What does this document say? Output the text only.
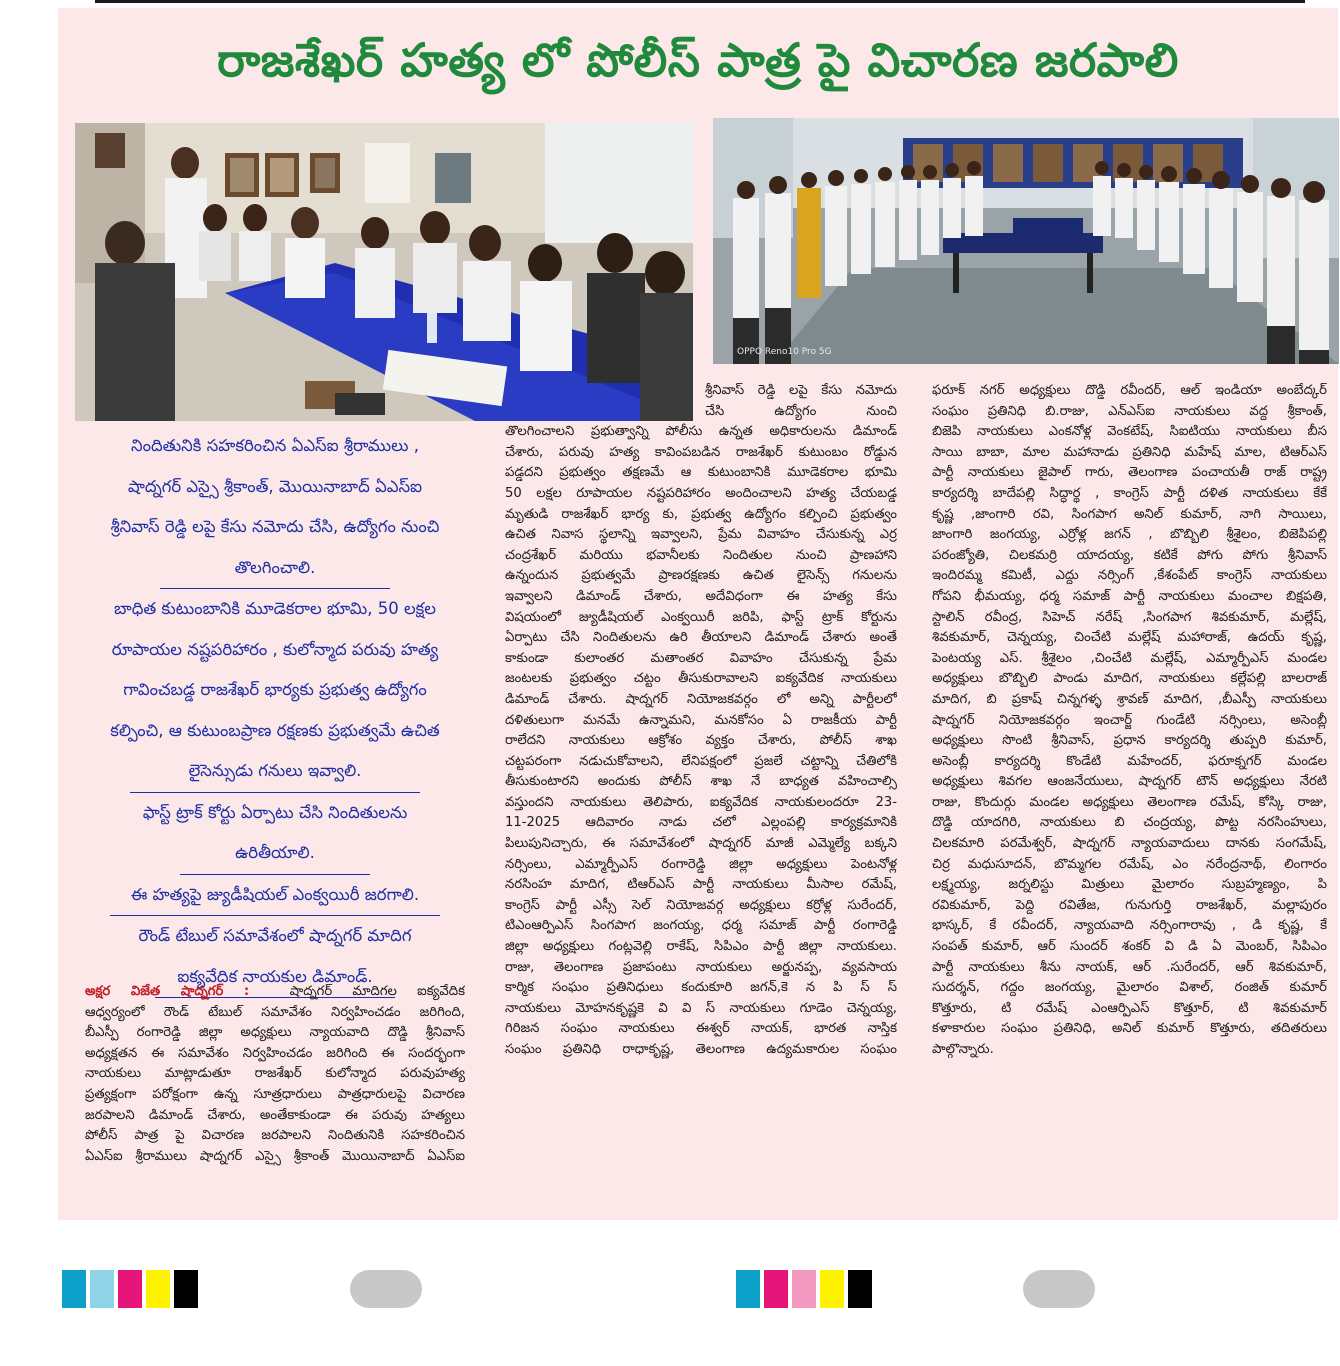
రాజశేఖర్ హత్య లో పోలీస్ పాత్ర పై విచారణ జరపాలి
OPPO Reno10 Pro 5G
నిందితునికి సహకరించిన ఏఎస్ఐ శ్రీరాములు ,
షాద్నగర్ ఎస్సై శ్రీకాంత్, మొయినాబాద్ ఏఎస్ఐ
శ్రీనివాస్ రెడ్డి లపై కేసు నమోదు చేసి, ఉద్యోగం నుంచి
తొలగించాలి.
బాధిత కుటుంబానికి మూడెకరాల భూమి, 50 లక్షల
రూపాయల నష్టపరిహారం , కులోన్మాద పరువు హత్య
గావించబడ్డ రాజశేఖర్ భార్యకు ప్రభుత్వ ఉద్యోగం
కల్పించి, ఆ కుటుంబప్రాణ రక్షణకు ప్రభుత్వమే ఉచిత
లైసెన్సుడు గనులు ఇవ్వాలి.
ఫాస్ట్ ట్రాక్ కోర్టు ఏర్పాటు చేసి నిందితులను
ఉరితీయాలి.
ఈ హత్యపై జ్యుడీషియల్ ఎంక్వయిరీ జరగాలి.
రౌండ్ టేబుల్ సమావేశంలో షాద్నగర్ మాదిగ
ఐక్యవేదిక నాయకుల డిమాండ్.

అక్షర విజేత షాద్నగర్ :	షాద్నగర్ మాదిగల ఐక్యవేదిక

ఆధ్వర్యంలో రౌండ్ టేబుల్ సమావేశం నిర్వహించడం జరిగింది,

బీఎస్పీ రంగారెడ్డి జిల్లా అధ్యక్షులు న్యాయవాది దొడ్డి శ్రీనివాస్

అధ్యక్షతన ఈ సమావేశం నిర్వహించడం జరిగింది ఈ సందర్భంగా

నాయకులు మాట్లాడుతూ రాజశేఖర్ కులోన్మాద పరువుహత్య

ప్రత్యక్షంగా పరోక్షంగా ఉన్న సూత్రధారులు పాత్రధారులపై విచారణ

జరపాలని డిమాండ్ చేశారు, అంతేకాకుండా ఈ పరువు హత్యలు

పోలీస్ పాత్ర పై విచారణ జరపాలని నిందితునికి సహకరించిన

ఏఎస్ఐ శ్రీరాములు షాద్నగర్ ఎస్సై శ్రీకాంత్ మొయినాబాద్ ఏఎస్ఐ

శ్రీనివాస్ రెడ్డి లపై కేసు నమోదు

చేసి ఉద్యోగం నుంచి

తొలగించాలని ప్రభుత్వాన్ని పోలీసు ఉన్నత అధికారులను డిమాండ్

చేశారు, పరువు హత్య కావింపబడిన రాజశేఖర్ కుటుంబం రోడ్డున

పడ్డదని ప్రభుత్వం తక్షణమే ఆ కుటుంబానికి మూడెకరాల భూమి

50 లక్షల రూపాయల నష్టపరిహారం అందించాలని హత్య చేయబడ్డ

మృతుడి రాజశేఖర్ భార్య కు, ప్రభుత్వ ఉద్యోగం కల్పించి ప్రభుత్వం

ఉచిత నివాస స్థలాన్ని ఇవ్వాలని, ప్రేమ వివాహం చేసుకున్న ఎర్ర

చంద్రశేఖర్ మరియు భవానీలకు నిందితుల నుంచి ప్రాణహాని

ఉన్నందున ప్రభుత్వమే ప్రాణరక్షణకు ఉచిత లైసెన్స్ గనులను

ఇవ్వాలని డిమాండ్ చేశారు, అదేవిధంగా ఈ హత్య కేసు

విషయంలో జ్యుడీషియల్ ఎంక్వయిరీ జరిపి, ఫాస్ట్ ట్రాక్ కోర్టును

ఏర్పాటు చేసి నిందితులను ఉరి తీయాలని డిమాండ్ చేశారు అంతే

కాకుండా కులాంతర మతాంతర వివాహం చేసుకున్న ప్రేమ

జంటలకు ప్రభుత్వం చట్టం తీసుకురావాలని ఐక్యవేదిక నాయకులు

డిమాండ్ చేశారు. షాద్నగర్ నియోజకవర్గం లో అన్ని పార్టీలలో

దళితులుగా మనమే ఉన్నామని, మనకోసం ఏ రాజకీయ పార్టీ

రాలేదని నాయకులు ఆక్రోశం వ్యక్తం చేశారు, పోలీస్ శాఖ

చట్టపరంగా నడుచుకోవాలని, లేనిపక్షంలో ప్రజలే చట్టాన్ని చేతిలోకి

తీసుకుంటారని అందుకు పోలీస్ శాఖ నే బాధ్యత వహించాల్సి

వస్తుందని నాయకులు తెలిపారు, ఐక్యవేదిక నాయకులందరూ 23-

11-2025 ఆదివారం నాడు చలో ఎల్లంపల్లి కార్యక్రమానికి

పిలుపునిచ్చారు, ఈ సమావేశంలో షాద్నగర్ మాజీ ఎమ్మెల్యే బక్కని

నర్సింలు, ఎమ్మార్పీఎస్ రంగారెడ్డి జిల్లా అధ్యక్షులు పెంటనోళ్ల

నరసింహ మాదిగ, టిఆర్ఎస్ పార్టీ నాయకులు మీసాల రమేష్,

కాంగ్రెస్ పార్టీ ఎస్సీ సెల్ నియోజవర్గ అధ్యక్షులు కర్రోళ్ల సురేందర్,

టిఎంఆర్పిఎస్ సింగపాగ జంగయ్య, ధర్మ సమాజ్ పార్టీ రంగారెడ్డి

జిల్లా అధ్యక్షులు గంట్లవెల్లి రాకేష్, సిపిఎం పార్టీ జిల్లా నాయకులు.

రాజు, తెలంగాణ ప్రజాపంటు నాయకులు అర్జునప్ప, వ్యవసాయ

కార్మిక సంఘం ప్రతినిధులు కందుకూరి జగన్,కె న పి స్ స్

నాయకులు మోహనకృష్ణకె వి వి స్ నాయకులు గూడెం చెన్నయ్య,

గిరిజన సంఘం నాయకులు ఈశ్వర్ నాయక్, భారత నాస్తిక

సంఘం ప్రతినిధి రాధాకృష్ణ, తెలంగాణ ఉద్యమకారుల సంఘం

ఫరూక్ నగర్ అధ్యక్షులు దొడ్డి రవీందర్, ఆల్ ఇండియా అంబేద్కర్

సంఘం ప్రతినిధి బి.రాజు, ఎన్ఎస్ఐ నాయకులు వద్ద శ్రీకాంత్,

బిజెపి నాయకులు ఎంకనోళ్ల వెంకటేష్, సిఐటియు నాయకులు బీస

సాయి బాబా, మాల మహానాడు ప్రతినిధి మహేష్ మాల, టిఆర్ఎస్

పార్టీ నాయకులు జైపాల్ గారు, తెలంగాణ పంచాయతీ రాజ్ రాష్ట్ర

కార్యదర్శి బాదేపల్లి సిద్ధార్థ , కాంగ్రెస్ పార్టీ దళిత నాయకులు కేకే

కృష్ణ ,జాంగారి రవి, సింగపాగ అనిల్ కుమార్, నాగి సాయిలు,

జాంగారి జంగయ్య, ఎర్రోళ్ల జగన్ , బొబ్బిలి శ్రీశైలం, బిజెపిపల్లి

పరంజ్యోతి, చిలకమర్రి యాదయ్య, కటికే పోగు పోగు శ్రీనివాస్

ఇందిరమ్మ కమిటీ, ఎద్దు నర్సింగ్ ,కేశంపేట్ కాంగ్రెస్ నాయకులు

గోపని భీమయ్య, ధర్మ సమాజ్ పార్టీ నాయకులు మంచాల బిక్షపతి,

స్టాలిన్ రవీంద్ర, సిహెచ్ నరేష్ ,సింగపాగ శివకుమార్, మల్లేష్,

శివకుమార్, చెన్నయ్య, చించేటి మల్లేష్ మహారాజ్, ఉదయ్ కృష్ణ,

పెంటయ్య ఎస్. శ్రీశైలం ,చించేటి మల్లేష్, ఎమ్మార్పీఎస్ మండల

అధ్యక్షులు బొబ్బిలి పాండు మాదిగ, నాయకులు కల్లేపల్లి బాలరాజ్

మాదిగ, బి ప్రకాష్ చిన్నగళ్ళ శ్రావణ్ మాదిగ, ,బీఎస్పీ నాయకులు

షాద్నగర్ నియోజకవర్గం ఇంచార్జ్ గుండేటి నర్సింలు, అసెంబ్లీ

అధ్యక్షులు సొంటి శ్రీనివాస్, ప్రధాన కార్యదర్శి తుప్పరి కుమార్,

అసెంబ్లీ కార్యదర్శి కొండేటి మహేందర్, ఫరూక్నగర్ మండల

అధ్యక్షులు శివగల ఆంజనేయులు, షాద్నగర్ టౌన్ అధ్యక్షులు నేరటి

రాజు, కొందుర్గు మండల అధ్యక్షులు తెలంగాణ రమేష్, కోస్కి రాజు,

దొడ్డి యాదగిరి, నాయకులు బి చంద్రయ్య, పొట్ట నరసింహులు,

చిలకమారి పరమేశ్వర్, షాద్నగర్ న్యాయవాదులు దానకు సంగమేష్,

చిర్ర మధుసూదన్, బొమ్మగల రమేష్, ఎం నరేంద్రనాథ్, లింగారం

లక్ష్మయ్య, జర్నలిస్టు మిత్రులు మైలారం సుబ్రహ్మణ్యం, పి

రవికుమార్, పెద్ది రవితేజ, గునుగుర్తి రాజశేఖర్, మల్లాపురం

భాస్కర్, కే రవీందర్, న్యాయవాది నర్సింగారావు , డి కృష్ణ, కే

సంపత్ కుమార్, ఆర్ సుందర్ శంకర్ వి డి ఏ మెంబర్, సిపిఎం

పార్టీ నాయకులు శీను నాయక్, ఆర్ .సురేందర్, ఆర్ శివకుమార్,

సుదర్శన్, గద్దం జంగయ్య, మైలారం విశాల్, రంజిత్ కుమార్

కొత్తూరు, టి రమేష్ ఎంఆర్పిఎస్ కొత్తూర్, టి శివకుమార్

కళాకారుల సంఘం ప్రతినిధి, అనిల్ కుమార్ కొత్తూరు, తదితరులు

పాల్గొన్నారు.
